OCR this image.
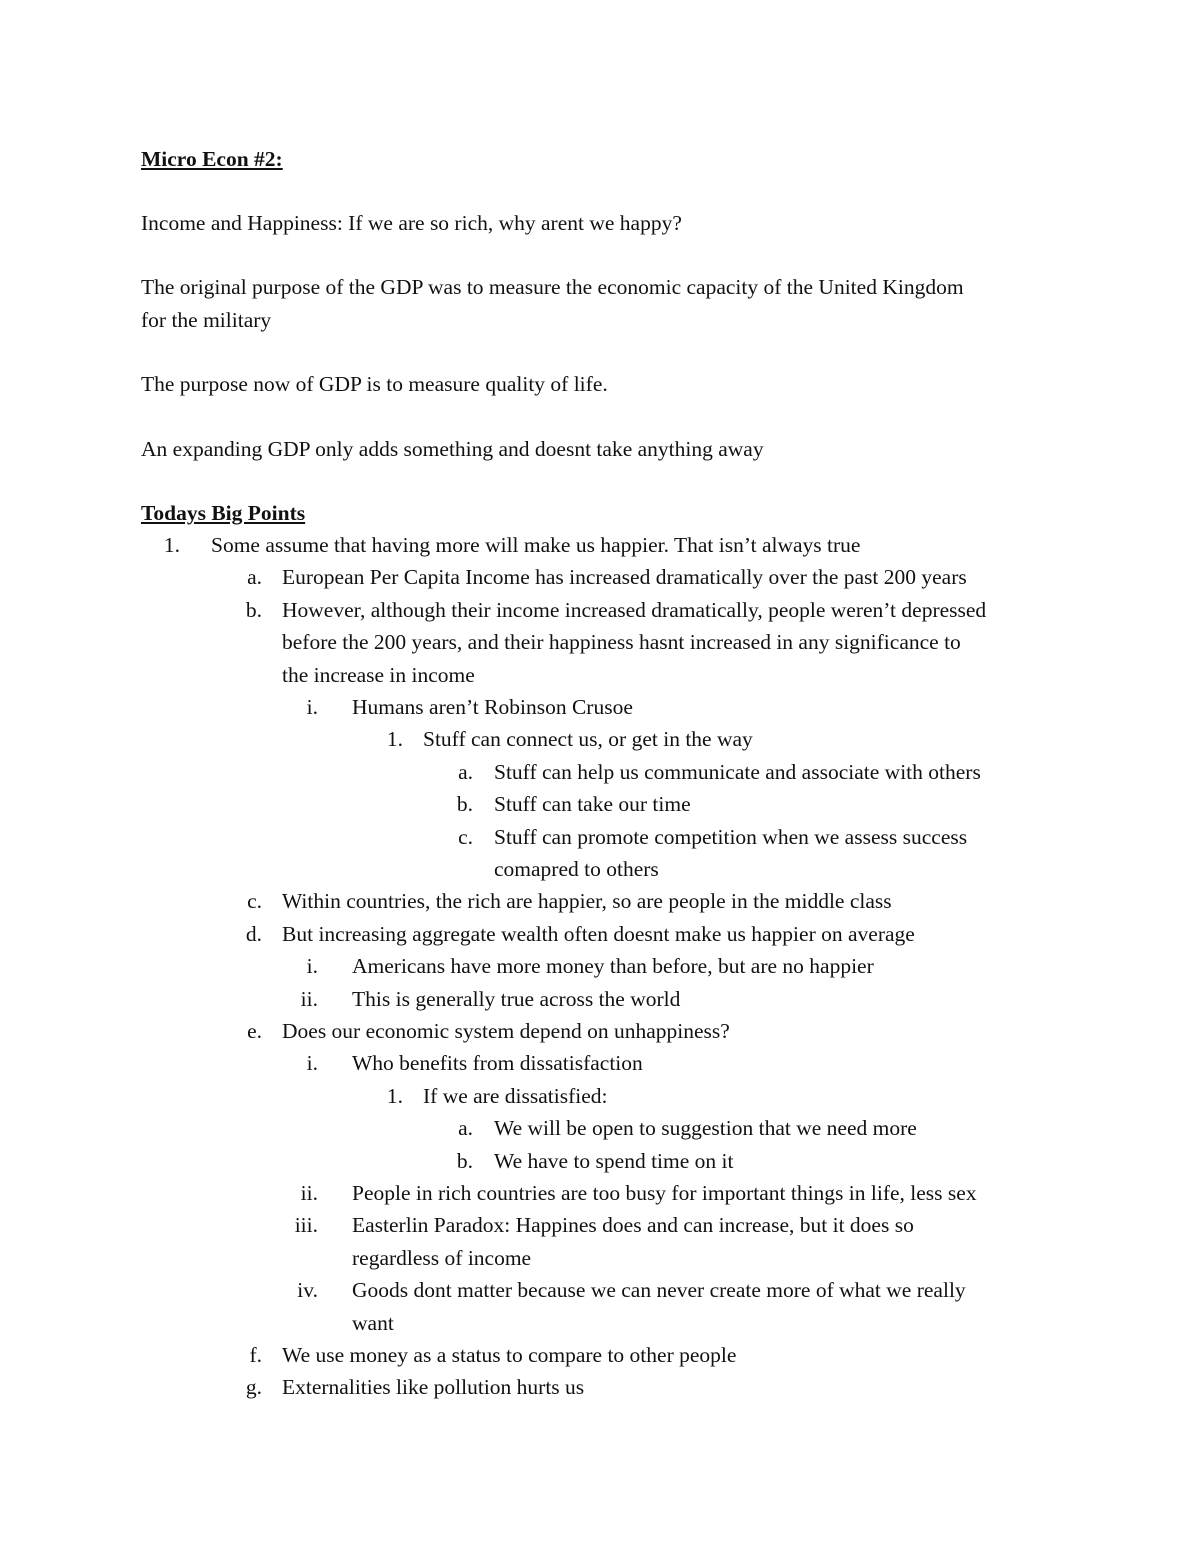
Micro Econ #2:
Income and Happiness: If we are so rich, why arent we happy?
The original purpose of the GDP was to measure the economic capacity of the United Kingdom
for the military
The purpose now of GDP is to measure quality of life.
An expanding GDP only adds something and doesnt take anything away
Todays Big Points
1. Some assume that having more will make us happier. That isn’t always true
a. European Per Capita Income has increased dramatically over the past 200 years
b. However, although their income increased dramatically, people weren’t depressed
before the 200 years, and their happiness hasnt increased in any significance to
the increase in income
i. Humans aren’t Robinson Crusoe
1. Stuff can connect us, or get in the way
a. Stuff can help us communicate and associate with others
b. Stuff can take our time
c. Stuff can promote competition when we assess success
comapred to others
c. Within countries, the rich are happier, so are people in the middle class
d. But increasing aggregate wealth often doesnt make us happier on average
i. Americans have more money than before, but are no happier
ii. This is generally true across the world
e. Does our economic system depend on unhappiness?
i. Who benefits from dissatisfaction
1. If we are dissatisfied:
a. We will be open to suggestion that we need more
b. We have to spend time on it
ii. People in rich countries are too busy for important things in life, less sex
iii. Easterlin Paradox: Happines does and can increase, but it does so
regardless of income
iv. Goods dont matter because we can never create more of what we really
want
f. We use money as a status to compare to other people
g. Externalities like pollution hurts us
